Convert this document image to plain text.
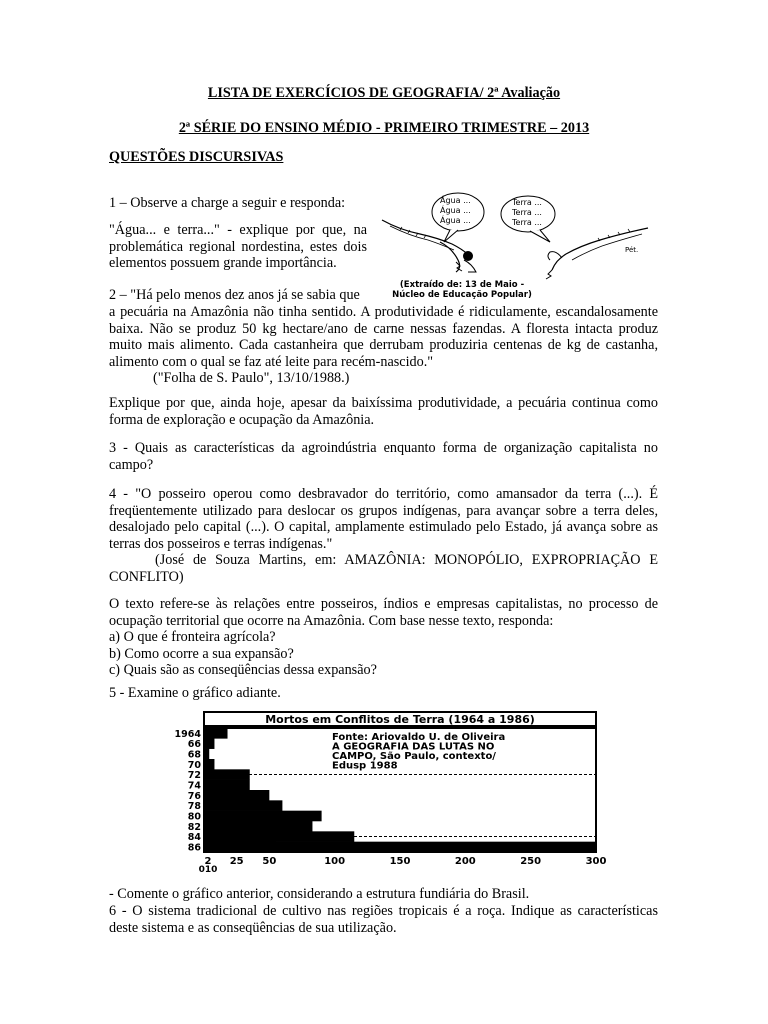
LISTA DE EXERCÍCIOS DE GEOGRAFIA/ 2ª Avaliação
2ª SÉRIE DO ENSINO MÉDIO - PRIMEIRO TRIMESTRE – 2013
QUESTÕES DISCURSIVAS
1 – Observe a charge a seguir e responda:

"Água... e terra..." - explique por que, na

problemática regional nordestina, estes dois

elementos possuem grande importância.

Água ...
Água ...
Água ...
Terra ...
Terra ...
Terra ...
Pét.
(Extraído de: 13 de Maio -
Núcleo de Educação Popular)
2 – "Há pelo menos dez anos já se sabia que

a pecuária na Amazônia não tinha sentido. A produtividade é ridiculamente, escandalosamente

baixa. Não se produz 50 kg hectare/ano de carne nessas fazendas. A floresta intacta produz

muito mais alimento. Cada castanheira que derrubam produziria centenas de kg de castanha,

alimento com o qual se faz até leite para recém-nascido."

("Folha de S. Paulo", 13/10/1988.)

Explique por que, ainda hoje, apesar da baixíssima produtividade, a pecuária continua como

forma de exploração e ocupação da Amazônia.

3 - Quais as características da agroindústria enquanto forma de organização capitalista no

campo?

4 - "O posseiro operou como desbravador do território, como amansador da terra (...). É

freqüentemente utilizado para deslocar os grupos indígenas, para avançar sobre a terra deles,

desalojado pelo capital (...). O capital, amplamente estimulado pelo Estado, já avança sobre as

terras dos posseiros e terras indígenas."

(José de Souza Martins, em: AMAZÔNIA: MONOPÓLIO, EXPROPRIAÇÃO E

CONFLITO)

O texto refere-se às relações entre posseiros, índios e empresas capitalistas, no processo de

ocupação territorial que ocorre na Amazônia. Com base nesse texto, responda:

a) O que é fronteira agrícola?

b) Como ocorre a sua expansão?

c) Quais são as conseqüências dessa expansão?

5 - Examine o gráfico adiante.
Mortos em Conflitos de Terra (1964 a 1986)
1964
66
68
70
72
74
76
78
80
82
84
86
Fonte: Ariovaldo U. de Oliveira
A GEOGRAFIA DAS LUTAS NO
CAMPO, São Paulo, contexto/
Edusp 1988
2 25 50	100	150	200	250	300
010
- Comente o gráfico anterior, considerando a estrutura fundiária do Brasil.

6 - O sistema tradicional de cultivo nas regiões tropicais é a roça. Indique as características

deste sistema e as conseqüências de sua utilização.
